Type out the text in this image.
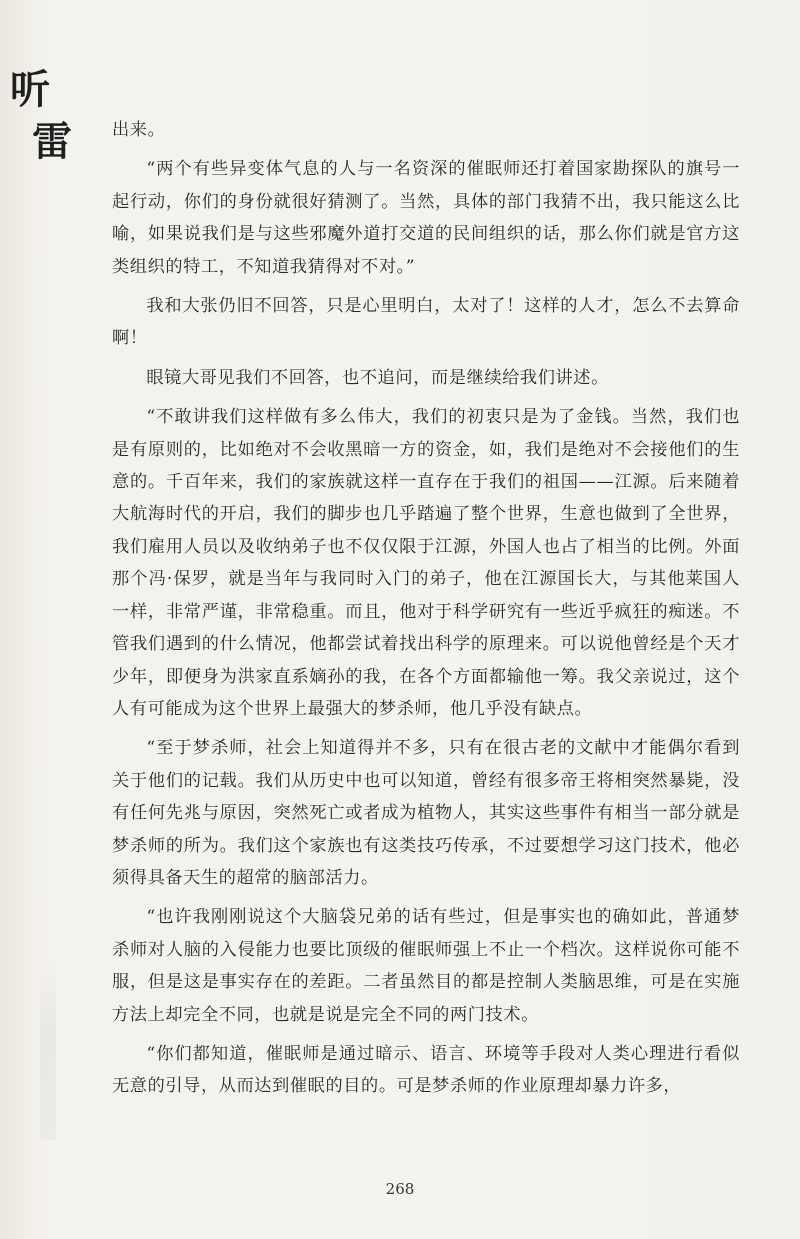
听
雷 出来。

“两个有些异变体气息的人与一名资深的催眠师还打着国家勘探队的旗号一起行动，你们的身份就很好猜测了。当然，具体的部门我猜不出，我只能这么比喻，如果说我们是与这些邪魔外道打交道的民间组织的话，那么你们就是官方这类组织的特工，不知道我猜得对不对。”

我和大张仍旧不回答，只是心里明白，太对了！这样的人才，怎么不去算命啊！

眼镜大哥见我们不回答，也不追问，而是继续给我们讲述。

“不敢讲我们这样做有多么伟大，我们的初衷只是为了金钱。当然，我们也是有原则的，比如绝对不会收黑暗一方的资金，如，我们是绝对不会接他们的生意的。千百年来，我们的家族就这样一直存在于我们的祖国——江源。后来随着大航海时代的开启，我们的脚步也几乎踏遍了整个世界，生意也做到了全世界，我们雇用人员以及收纳弟子也不仅仅限于江源，外国人也占了相当的比例。外面那个冯·保罗，就是当年与我同时入门的弟子，他在江源国长大，与其他莱国人一样，非常严谨，非常稳重。而且，他对于科学研究有一些近乎疯狂的痴迷。不管我们遇到的什么情况，他都尝试着找出科学的原理来。可以说他曾经是个天才少年，即便身为洪家直系嫡孙的我，在各个方面都输他一筹。我父亲说过，这个人有可能成为这个世界上最强大的梦杀师，他几乎没有缺点。

“至于梦杀师，社会上知道得并不多，只有在很古老的文献中才能偶尔看到关于他们的记载。我们从历史中也可以知道，曾经有很多帝王将相突然暴毙，没有任何先兆与原因，突然死亡或者成为植物人，其实这些事件有相当一部分就是梦杀师的所为。我们这个家族也有这类技巧传承，不过要想学习这门技术，他必须得具备天生的超常的脑部活力。

“也许我刚刚说这个大脑袋兄弟的话有些过，但是事实也的确如此，普通梦杀师对人脑的入侵能力也要比顶级的催眠师强上不止一个档次。这样说你可能不服，但是这是事实存在的差距。二者虽然目的都是控制人类脑思维，可是在实施方法上却完全不同，也就是说是完全不同的两门技术。

“你们都知道，催眠师是通过暗示、语言、环境等手段对人类心理进行看似无意的引导，从而达到催眠的目的。可是梦杀师的作业原理却暴力许多，

268
